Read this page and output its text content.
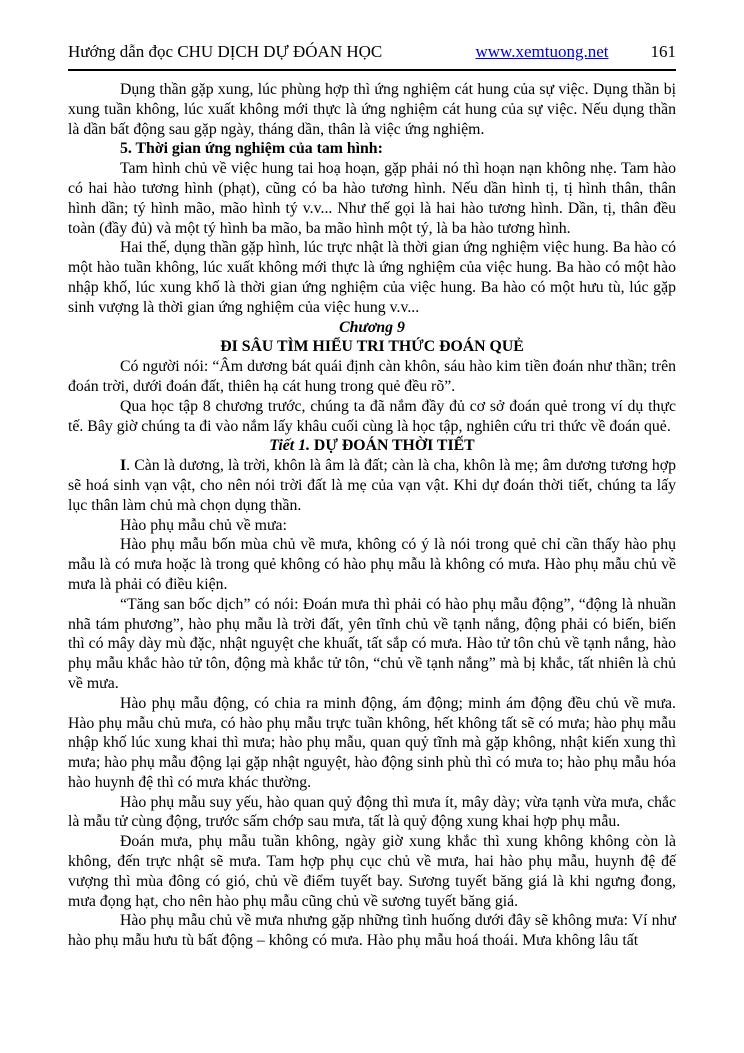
Hướng dẫn đọc CHU DỊCH DỰ ĐÓAN HỌC	www.xemtuong.net 161

Dụng thần gặp xung, lúc phùng hợp thì ứng nghiệm cát hung của sự việc. Dụng thần bị xung tuần không, lúc xuất không mới thực là ứng nghiệm cát hung của sự việc. Nếu dụng thần là dần bất động sau gặp ngày, tháng dần, thân là việc ứng nghiệm.

5. Thời gian ứng nghiệm của tam hình:

Tam hình chủ về việc hung tai hoạ hoạn, gặp phải nó thì hoạn nạn không nhẹ. Tam hào có hai hào tương hình (phạt), cũng có ba hào tương hình. Nếu dần hình tị, tị hình thân, thân hình dần; tý hình mão, mão hình tý v.v... Như thế gọi là hai hào tương hình. Dần, tị, thân đều toàn (đầy đủ) và một tý hình ba mão, ba mão hình một tý, là ba hào tương hình.

Hai thế, dụng thần gặp hình, lúc trực nhật là thời gian ứng nghiệm việc hung. Ba hào có một hào tuần không, lúc xuất không mới thực là ứng nghiệm của việc hung. Ba hào có một hào nhập khố, lúc xung khố là thời gian ứng nghiệm của việc hung. Ba hào có một hưu tù, lúc gặp sinh vượng là thời gian ứng nghiệm của việc hung v.v...

Chương 9

ĐI SÂU TÌM HIỂU TRI THỨC ĐOÁN QUẺ

Có người nói: “Âm dương bát quái định càn khôn, sáu hào kim tiền đoán như thần; trên đoán trời, dưới đoán đất, thiên hạ cát hung trong quẻ đều rõ”.

Qua học tập 8 chương trước, chúng ta đã nắm đầy đủ cơ sở đoán quẻ trong ví dụ thực tế. Bây giờ chúng ta đi vào nắm lấy khâu cuối cùng là học tập, nghiên cứu tri thức về đoán quẻ.

Tiết 1. DỰ ĐOÁN THỜI TIẾT

I. Càn là dương, là trời, khôn là âm là đất; càn là cha, khôn là mẹ; âm dương tương hợp sẽ hoá sinh vạn vật, cho nên nói trời đất là mẹ của vạn vật. Khi dự đoán thời tiết, chúng ta lấy lục thân làm chủ mà chọn dụng thần.

Hào phụ mẫu chủ về mưa:

Hào phụ mẫu bốn mùa chủ về mưa, không có ý là nói trong quẻ chỉ cần thấy hào phụ mẫu là có mưa hoặc là trong quẻ không có hào phụ mẫu là không có mưa. Hào phụ mẫu chủ về mưa là phải có điều kiện.

“Tăng san bốc dịch” có nói: Đoán mưa thì phải có hào phụ mẫu động”, “động là nhuần nhã tám phương”, hào phụ mẫu là trời đất, yên tĩnh chủ về tạnh nắng, động phải có biến, biến thì có mây dày mù đặc, nhật nguyệt che khuất, tất sắp có mưa. Hào tử tôn chủ về tạnh nắng, hào phụ mẫu khắc hào tử tôn, động mà khắc tử tôn, “chủ về tạnh nắng” mà bị khắc, tất nhiên là chủ về mưa.

Hào phụ mẫu động, có chia ra minh động, ám động; minh ám động đều chủ về mưa. Hào phụ mẫu chủ mưa, có hào phụ mẫu trực tuần không, hết không tất sẽ có mưa; hào phụ mẫu nhập khố lúc xung khai thì mưa; hào phụ mẫu, quan quỷ tĩnh mà gặp không, nhật kiến xung thì mưa; hào phụ mẫu động lại gặp nhật nguyệt, hào động sinh phù thì có mưa to; hào phụ mẫu hóa hào huynh đệ thì có mưa khác thường.

Hào phụ mẫu suy yếu, hào quan quỷ động thì mưa ít, mây dày; vừa tạnh vừa mưa, chắc là mẫu tử cùng động, trước sấm chớp sau mưa, tất là quỷ động xung khai hợp phụ mẫu.

Đoán mưa, phụ mẫu tuần không, ngày giờ xung khắc thì xung không không còn là không, đến trực nhật sẽ mưa. Tam hợp phụ cục chủ về mưa, hai hào phụ mẫu, huynh đệ đế vượng thì mùa đông có gió, chủ về điểm tuyết bay. Sương tuyết băng giá là khi ngưng đong, mưa đọng hạt, cho nên hào phụ mẫu cũng chủ về sương tuyết băng giá.

Hào phụ mẫu chủ về mưa nhưng gặp những tình huống dưới đây sẽ không mưa: Ví như hào phụ mẫu hưu tù bất động – không có mưa. Hào phụ mẫu hoá thoái. Mưa không lâu tất
